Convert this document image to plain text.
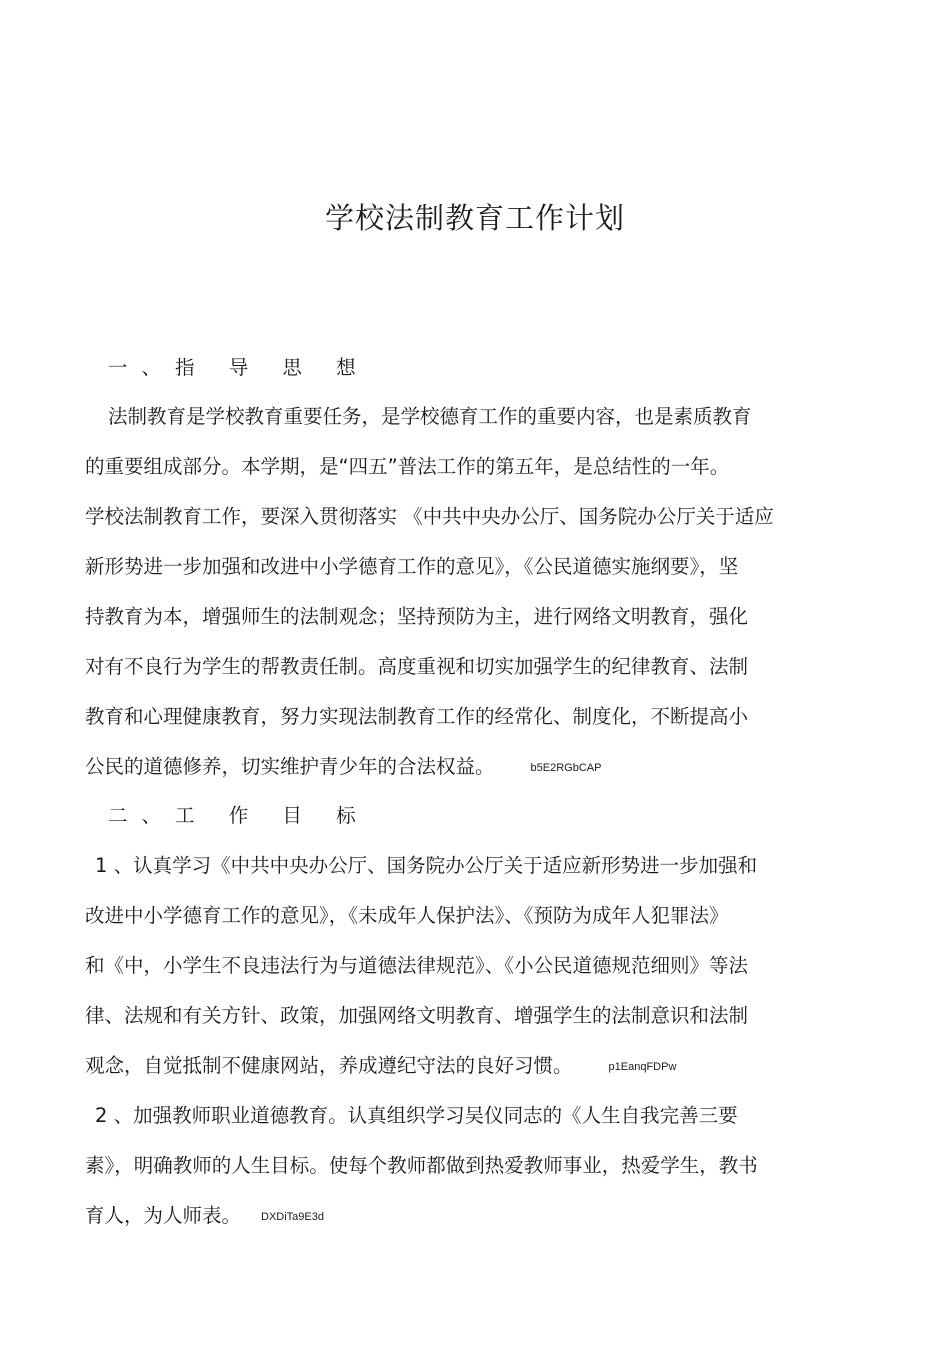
学校法制教育工作计划
一、指 导 思 想
法制教育是学校教育重要任务，是学校德育工作的重要内容，也是素质教育
的重要组成部分。本学期，是“四五”普法工作的第五年，是总结性的一年。
学校法制教育工作，要深入贯彻落实 《中共中央办公厅、国务院办公厅关于适应
新形势进一步加强和改进中小学德育工作的意见》，《公民道德实施纲要》，坚
持教育为本，增强师生的法制观念；坚持预防为主，进行网络文明教育，强化
对有不良行为学生的帮教责任制。高度重视和切实加强学生的纪律教育、法制
教育和心理健康教育，努力实现法制教育工作的经常化、制度化，不断提高小
公民的道德修养，切实维护青少年的合法权益。	b5E2RGbCAP
二、工 作 目 标
1 、认真学习《中共中央办公厅、国务院办公厅关于适应新形势进一步加强和
改进中小学德育工作的意见》，《未成年人保护法》、《预防为成年人犯罪法》
和《中，小学生不良违法行为与道德法律规范》、《小公民道德规范细则》等法
律、法规和有关方针、政策，加强网络文明教育、增强学生的法制意识和法制
观念，自觉抵制不健康网站，养成遵纪守法的良好习惯。	p1EanqFDPw
2 、加强教师职业道德教育。认真组织学习吴仪同志的《人生自我完善三要
素》，明确教师的人生目标。使每个教师都做到热爱教师事业，热爱学生，教书
育人，为人师表。 DXDiTa9E3d
